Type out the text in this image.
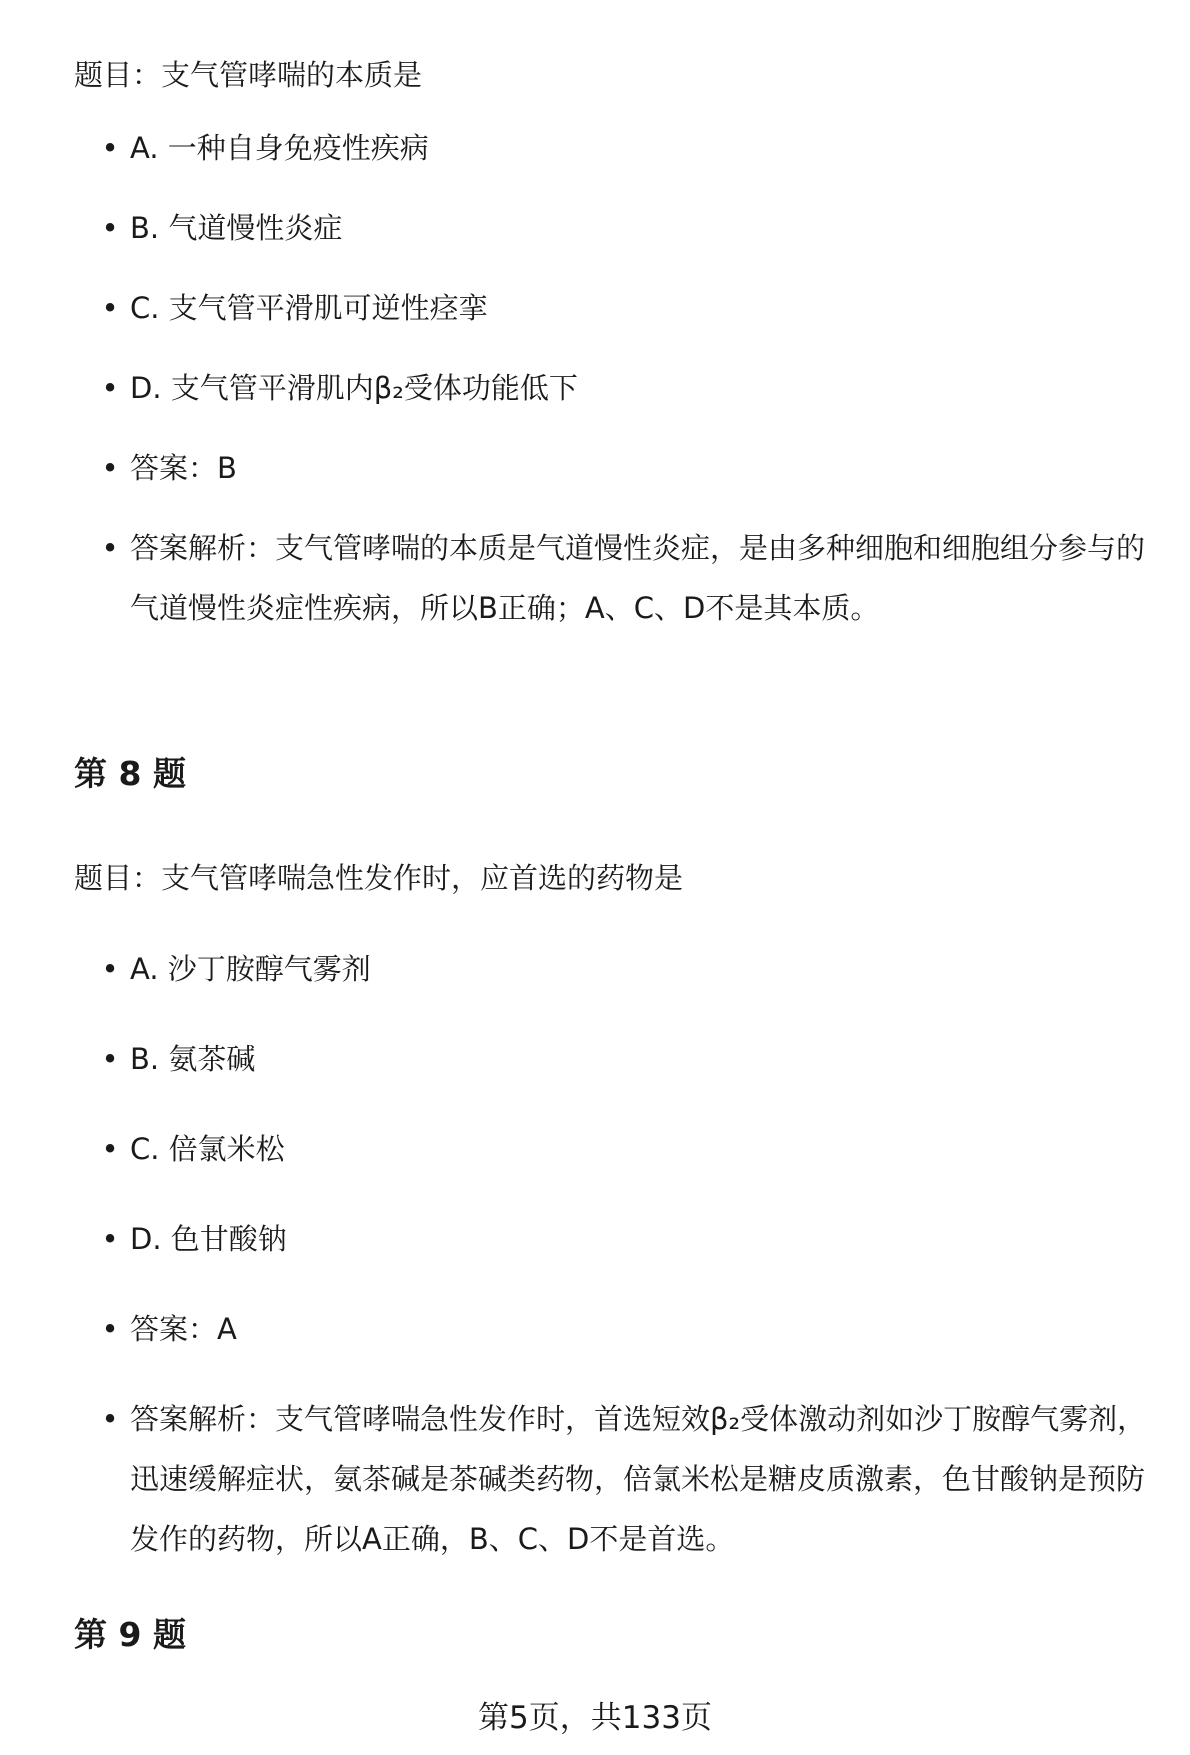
题目：支气管哮喘的本质是
• A. 一种自身免疫性疾病
• B. 气道慢性炎症
• C. 支气管平滑肌可逆性痉挛
• D. 支气管平滑肌内β₂受体功能低下
• 答案：B
• 答案解析：支气管哮喘的本质是气道慢性炎症，是由多种细胞和细胞组分参与的气道慢性炎症性疾病，所以B正确；A、C、D不是其本质。
第 8 题
题目：支气管哮喘急性发作时，应首选的药物是
• A. 沙丁胺醇气雾剂
• B. 氨茶碱
• C. 倍氯米松
• D. 色甘酸钠
• 答案：A
• 答案解析：支气管哮喘急性发作时，首选短效β₂受体激动剂如沙丁胺醇气雾剂，迅速缓解症状，氨茶碱是茶碱类药物，倍氯米松是糖皮质激素，色甘酸钠是预防发作的药物，所以A正确，B、C、D不是首选。
第 9 题
第5页，共133页
